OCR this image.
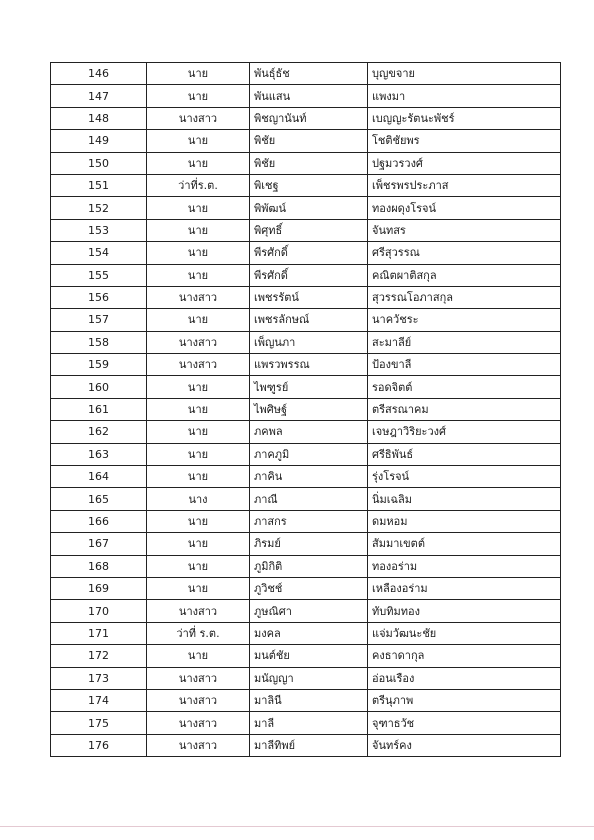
146	นาย	พันธุ์ธัช	บุญขจาย
147	นาย	พันแสน	แพงมา
148	นางสาว	พิชญานันท์	เบญญะรัตนะพัชร์
149	นาย	พิชัย	โชติชัยพร
150	นาย	พิชัย	ปฐมวรวงศ์
151	ว่าที่ร.ต.	พิเชฐ	เพ็ชรพรประภาส
152	นาย	พิพัฒน์	ทองผดุงโรจน์
153	นาย	พิศุทธิ์	จันทสร
154	นาย	พีรศักดิ์	ศรีสุวรรณ
155	นาย	พีรศักดิ์	คณิตผาติสกุล
156	นางสาว	เพชรรัตน์	สุวรรณโอภาสกุล
157	นาย	เพชรลักษณ์	นาควัชระ
158	นางสาว	เพ็ญนภา	สะมาลีย์
159	นางสาว	แพรวพรรณ	ป้องขาลี
160	นาย	ไพฑูรย์	รอดจิตต์
161	นาย	ไพศิษฐ์	ตรีสรณาคม
162	นาย	ภคพล	เจษฎาวิริยะวงศ์
163	นาย	ภาคภูมิ	ศรีธิพันธ์
164	นาย	ภาคิน	รุ่งโรจน์
165	นาง	ภาณี	นิ่มเฉลิม
166	นาย	ภาสกร	ดมหอม
167	นาย	ภิรมย์	สัมมาเขตต์
168	นาย	ภูมิกิติ	ทองอร่าม
169	นาย	ภูวิชช์	เหลืองอร่าม
170	นางสาว	ภูษณิศา	ทับทิมทอง
171	ว่าที่ ร.ต.	มงคล	แจ่มวัฒนะชัย
172	นาย	มนต์ชัย	คงธาดากุล
173	นางสาว	มนัญญา	อ่อนเรือง
174	นางสาว	มาลินี	ตรีนุภาพ
175	นางสาว	มาลี	จุฑาธวัช
176	นางสาว	มาลีทิพย์	จันทร์คง
